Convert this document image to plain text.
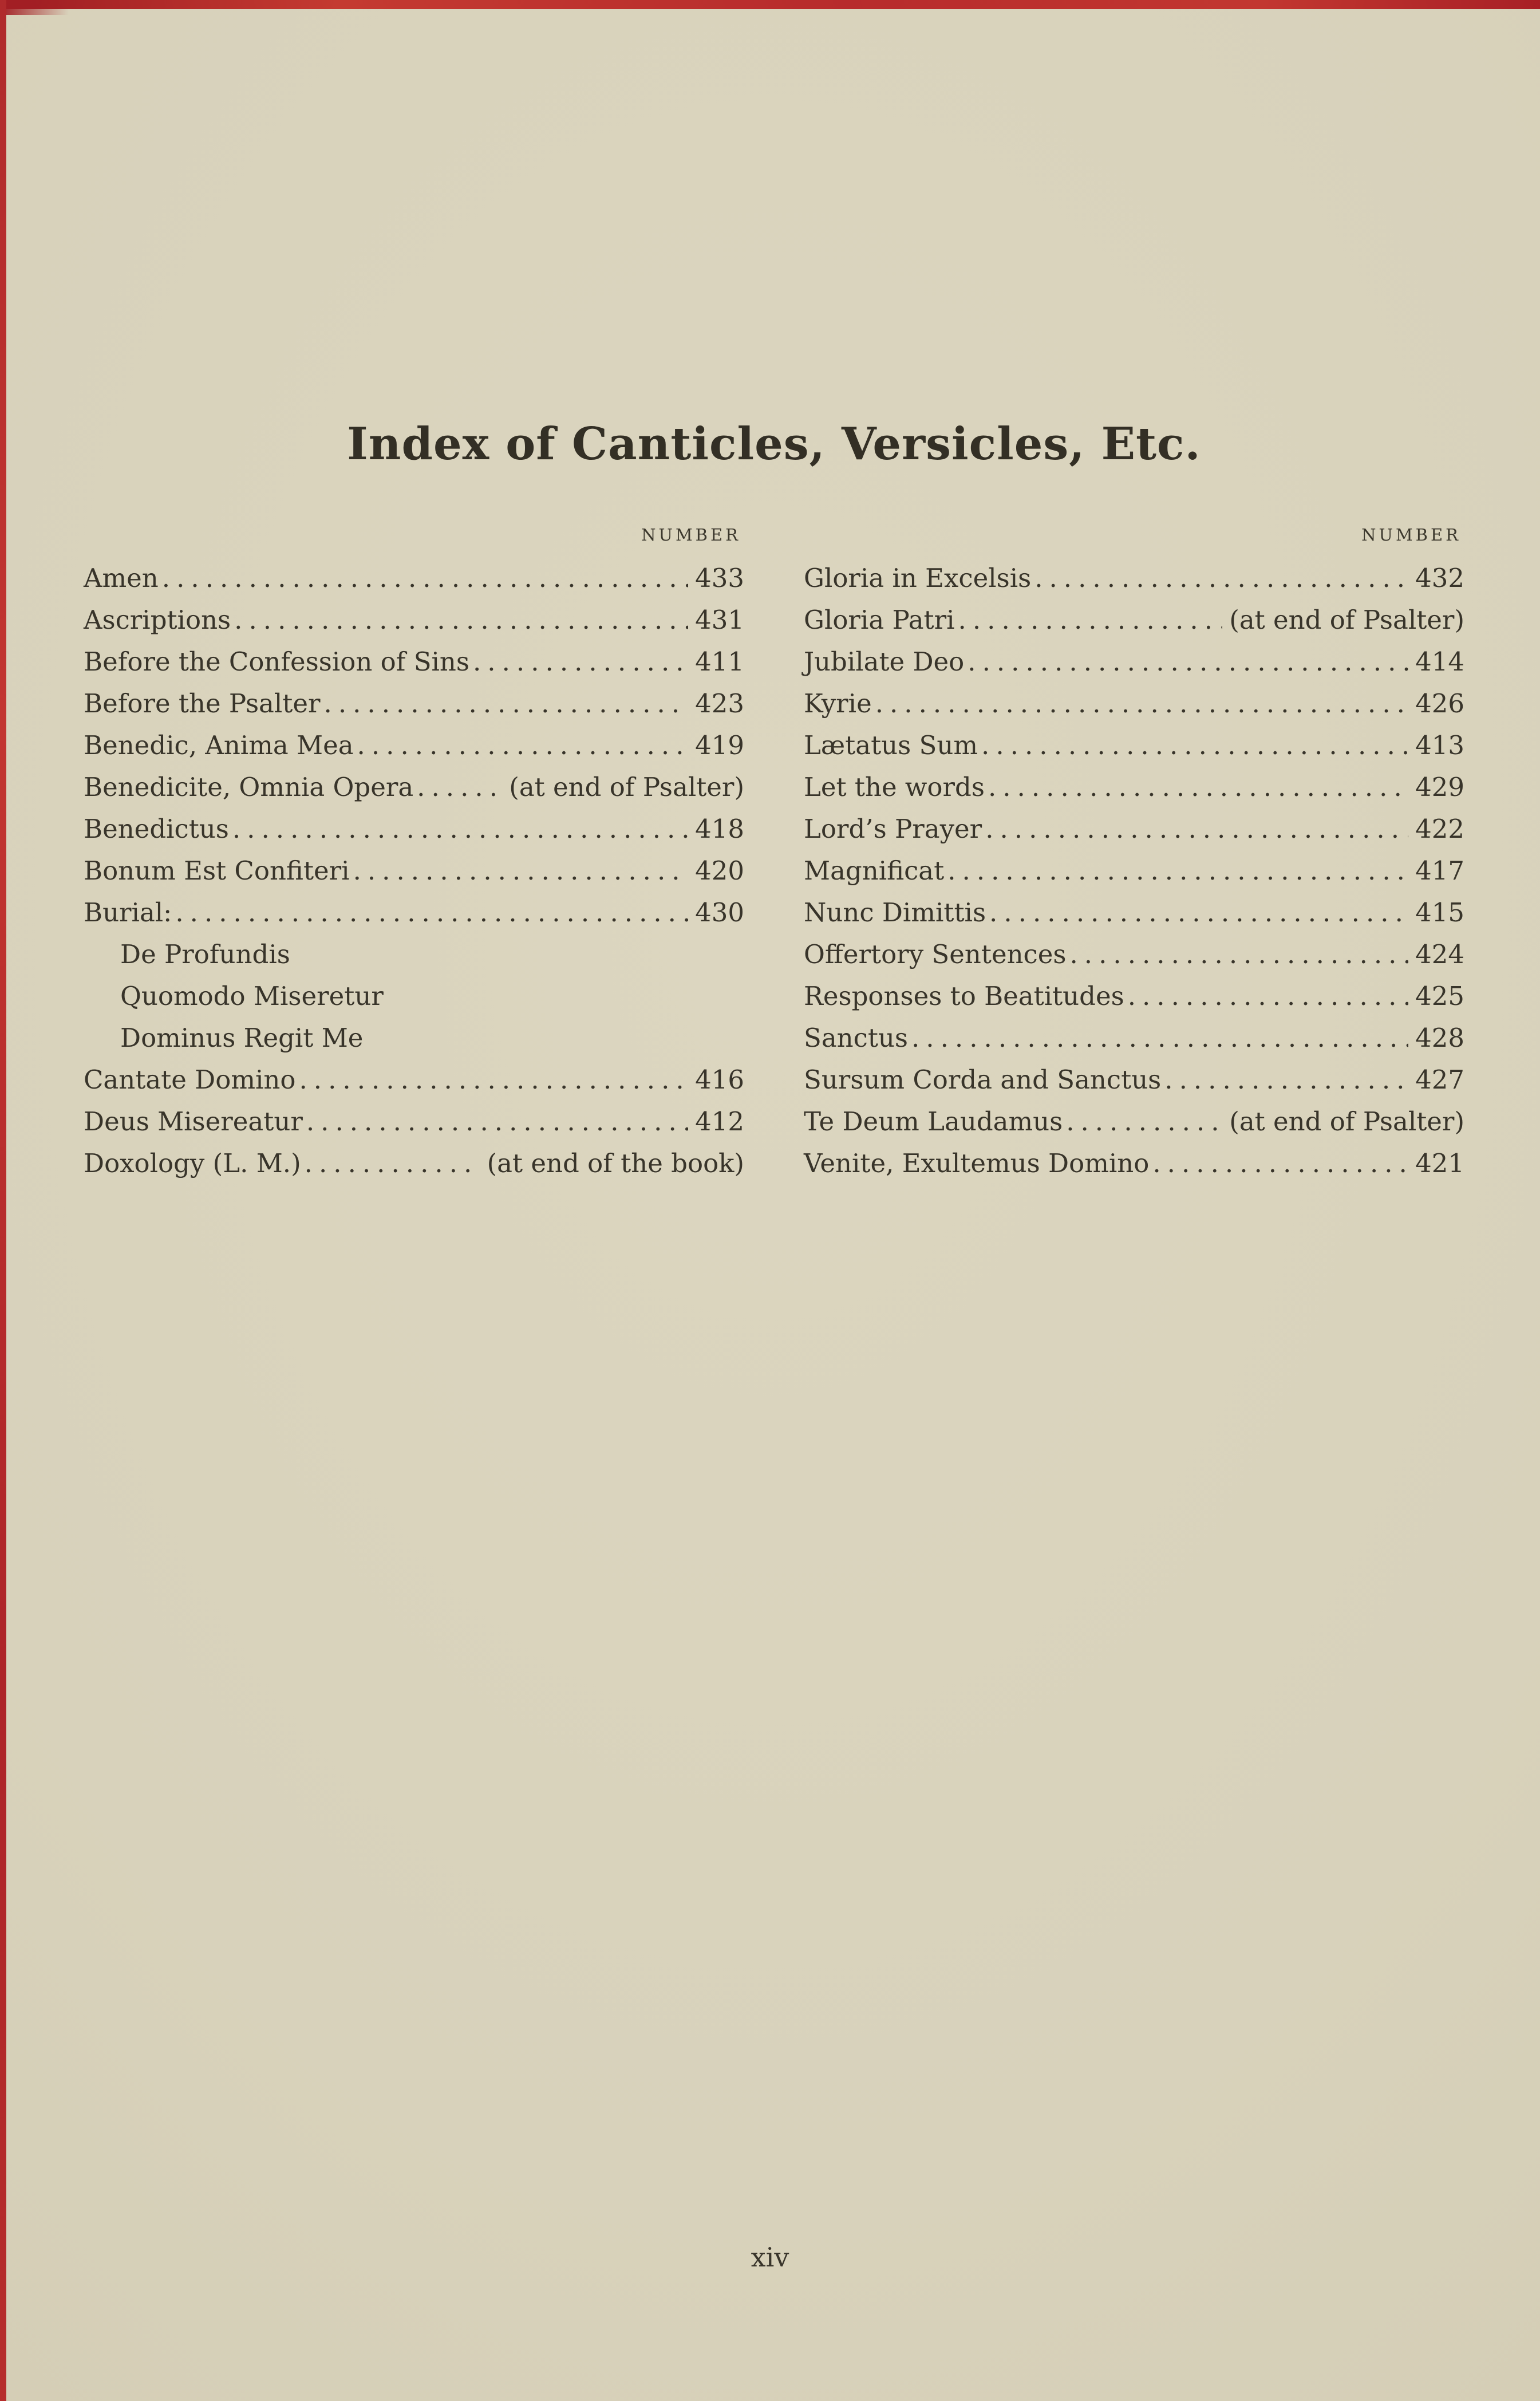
Index of Canticles, Versicles, Etc.
NUMBER
Amen .....	433
Ascriptions .....	431
Before the Confession of Sins .....	411
Before the Psalter .....	423
Benedic, Anima Mea .....	419
Benedicite, Omnia Opera .....	(at end of Psalter)
Benedictus .....	418
Bonum Est Confiteri .....	420
Burial: .....	430
De Profundis
Quomodo Miseretur
Dominus Regit Me
Cantate Domino .....	416
Deus Misereatur .....	412
Doxology (L. M.) .....	(at end of the book)
NUMBER
Gloria in Excelsis .....	432
Gloria Patri .....	(at end of Psalter)
Jubilate Deo .....	414
Kyrie .....	426
Lætatus Sum .....	413
Let the words .....	429
Lord’s Prayer .....	422
Magnificat .....	417
Nunc Dimittis .....	415
Offertory Sentences .....	424
Responses to Beatitudes .....	425
Sanctus .....	428
Sursum Corda and Sanctus .....	427
Te Deum Laudamus .....	(at end of Psalter)
Venite, Exultemus Domino .....	421
xiv
